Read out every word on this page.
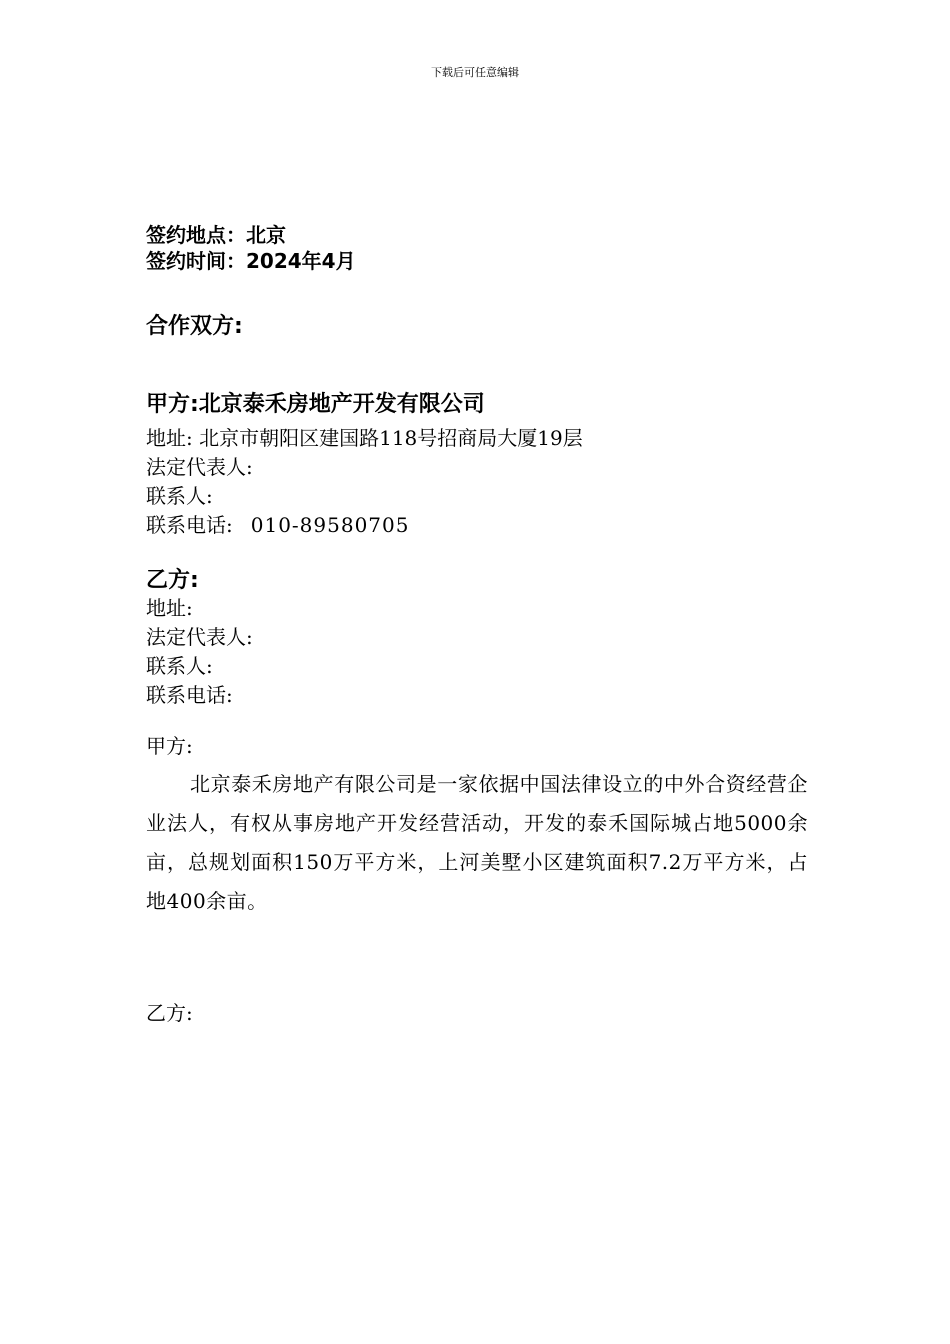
下载后可任意编辑

签约地点：北京

签约时间：2024年4月

合作双方:

甲方:北京泰禾房地产开发有限公司

地址: 北京市朝阳区建国路118号招商局大厦19层

法定代表人:

联系人:

联系电话: 010-89580705

乙方:

地址:

法定代表人:

联系人:

联系电话:

甲方:

北京泰禾房地产有限公司是一家依据中国法律设立的中外合资经营企业法人，有权从事房地产开发经营活动，开发的泰禾国际城占地5000余亩，总规划面积150万平方米，上河美墅小区建筑面积7.2万平方米，占地400余亩。

乙方:
